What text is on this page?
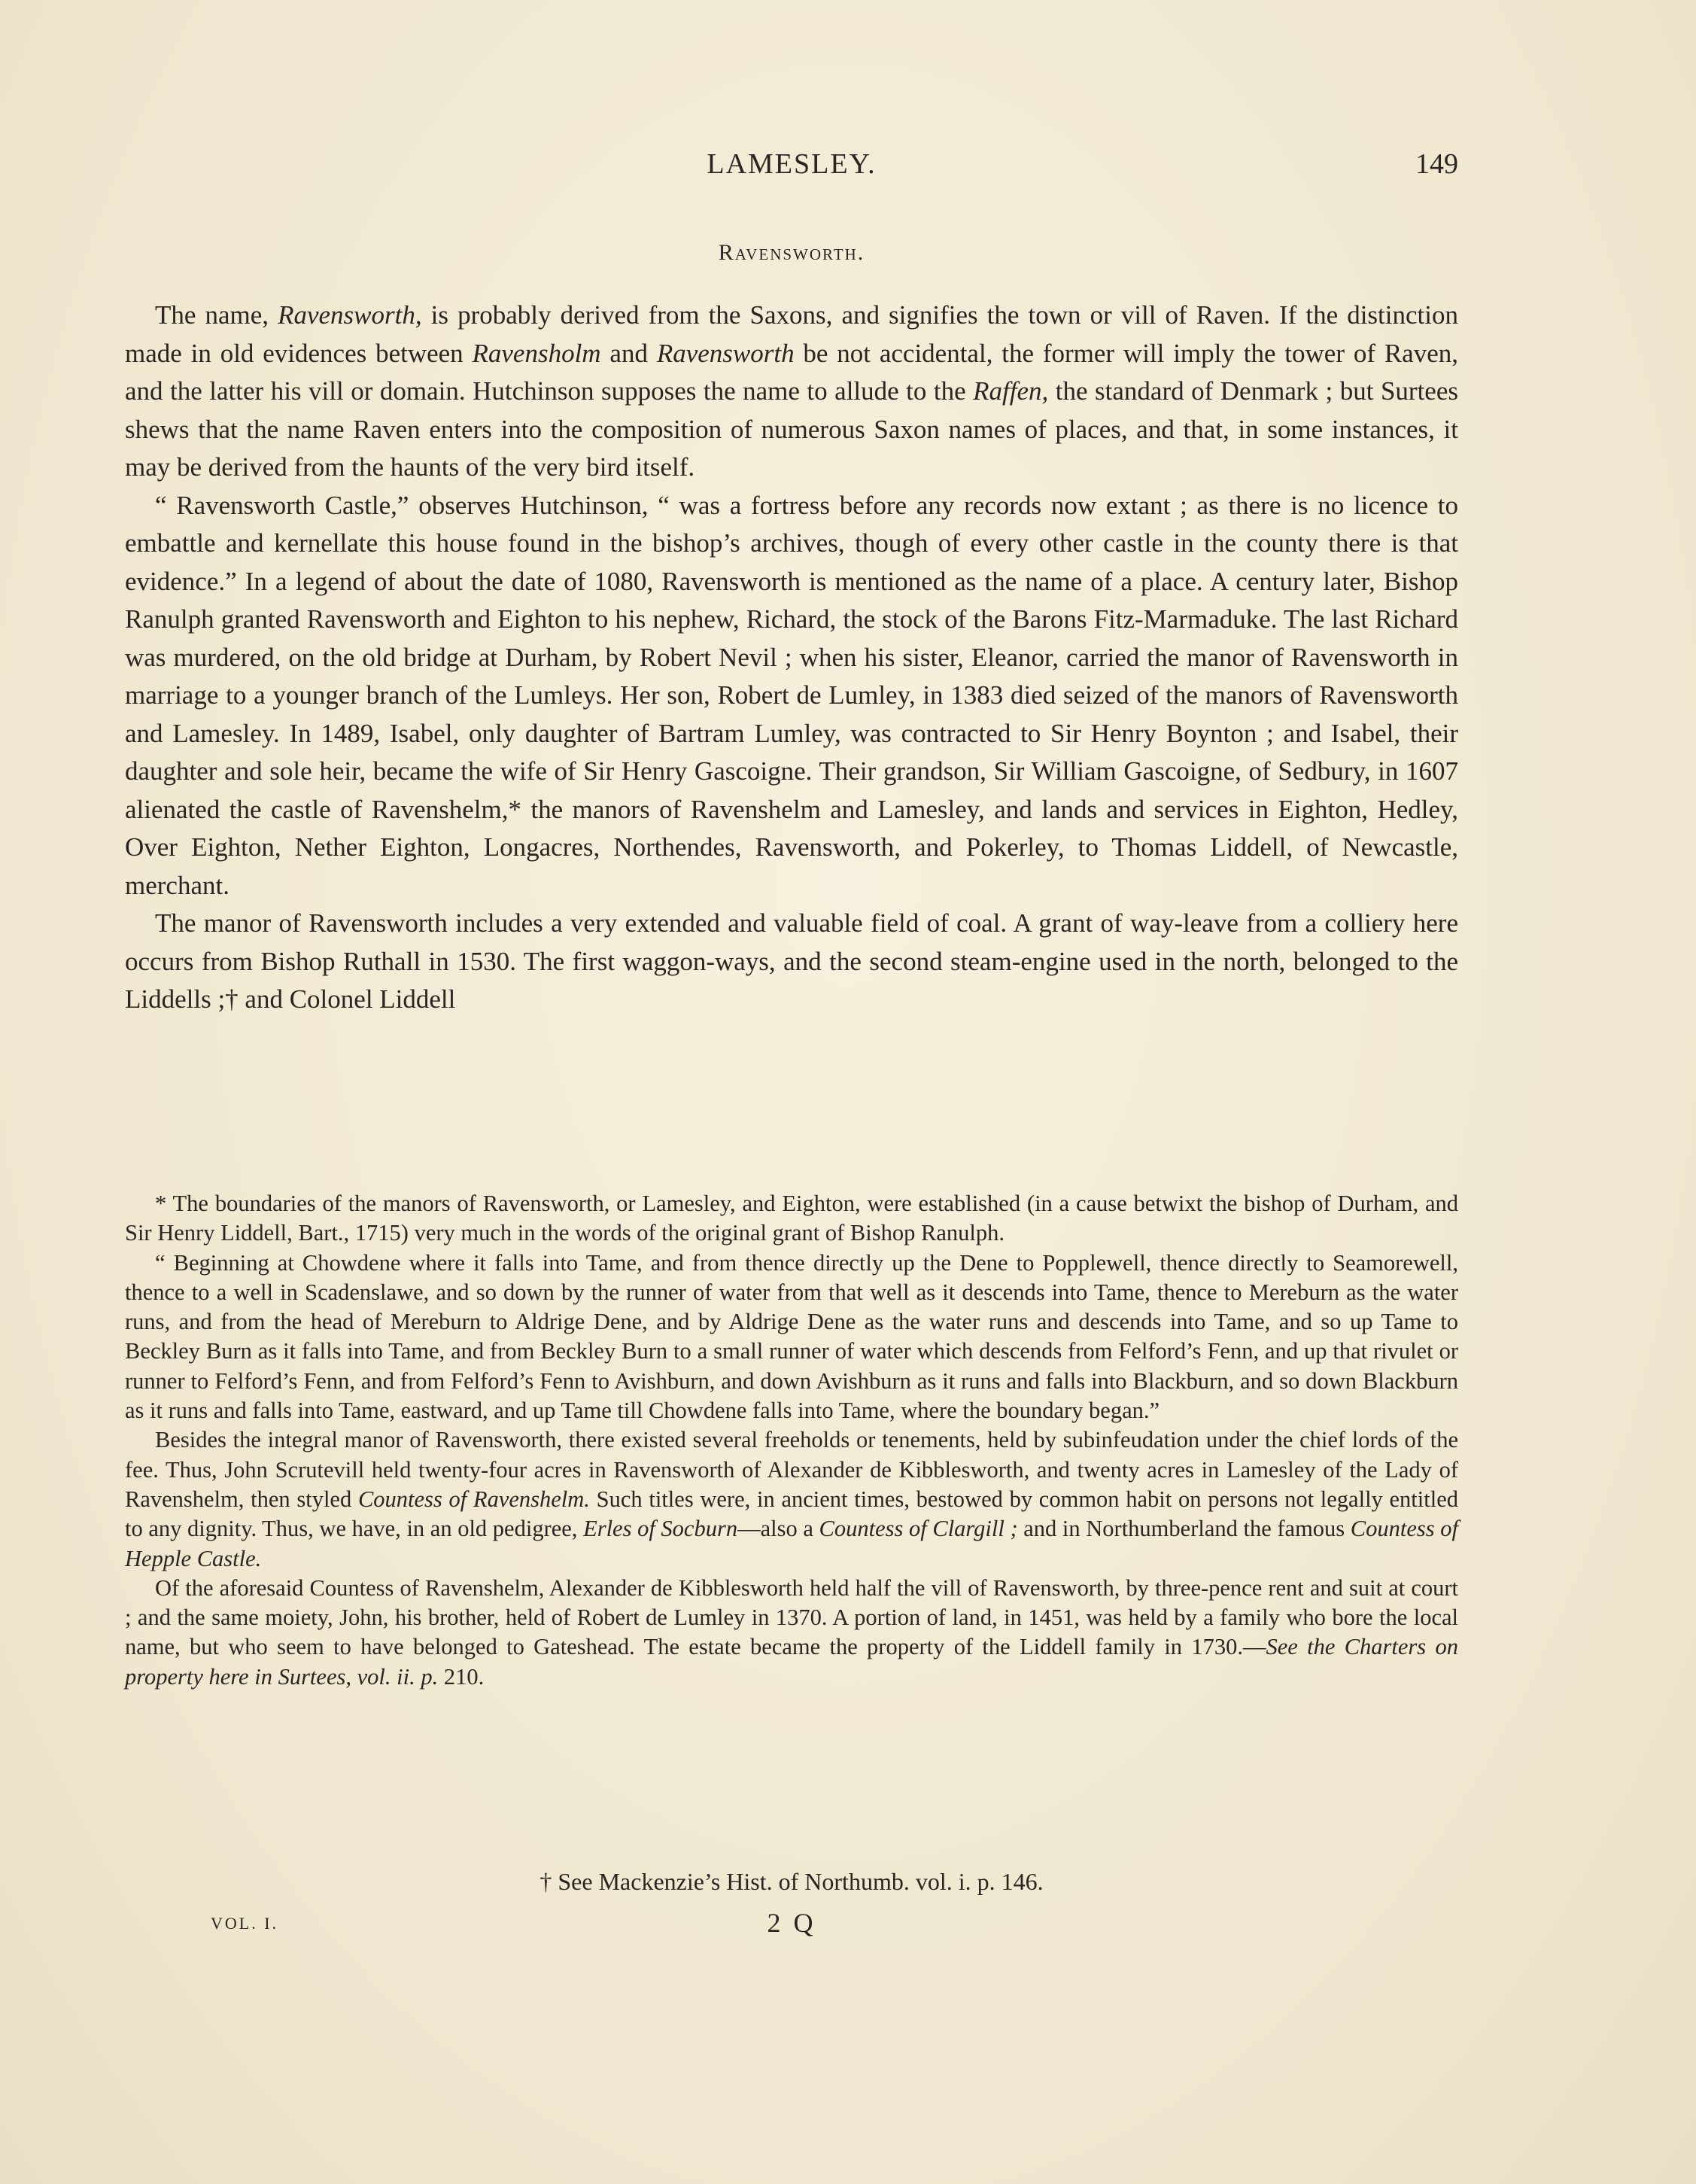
LAMESLEY.	149
Ravensworth.

The name, Ravensworth, is probably derived from the Saxons, and signifies the town or vill of Raven. If the distinction made in old evidences between Ravensholm and Ravensworth be not accidental, the former will imply the tower of Raven, and the latter his vill or domain. Hutchinson supposes the name to allude to the Raffen, the standard of Denmark ; but Surtees shews that the name Raven enters into the composition of numerous Saxon names of places, and that, in some instances, it may be derived from the haunts of the very bird itself.

“ Ravensworth Castle,” observes Hutchinson, “ was a fortress before any records now extant ; as there is no licence to embattle and kernellate this house found in the bishop’s archives, though of every other castle in the county there is that evidence.” In a legend of about the date of 1080, Ravensworth is mentioned as the name of a place. A century later, Bishop Ranulph granted Ravensworth and Eighton to his nephew, Richard, the stock of the Barons Fitz-Marmaduke. The last Richard was murdered, on the old bridge at Durham, by Robert Nevil ; when his sister, Eleanor, carried the manor of Ravensworth in marriage to a younger branch of the Lumleys. Her son, Robert de Lumley, in 1383 died seized of the manors of Ravensworth and Lamesley. In 1489, Isabel, only daughter of Bartram Lumley, was contracted to Sir Henry Boynton ; and Isabel, their daughter and sole heir, became the wife of Sir Henry Gascoigne. Their grandson, Sir William Gascoigne, of Sedbury, in 1607 alienated the castle of Ravenshelm,* the manors of Ravenshelm and Lamesley, and lands and services in Eighton, Hedley, Over Eighton, Nether Eighton, Longacres, Northendes, Ravensworth, and Pokerley, to Thomas Liddell, of Newcastle, merchant.

The manor of Ravensworth includes a very extended and valuable field of coal. A grant of way-leave from a colliery here occurs from Bishop Ruthall in 1530. The first waggon-ways, and the second steam-engine used in the north, belonged to the Liddells ;† and Colonel Liddell

* The boundaries of the manors of Ravensworth, or Lamesley, and Eighton, were established (in a cause betwixt the bishop of Durham, and Sir Henry Liddell, Bart., 1715) very much in the words of the original grant of Bishop Ranulph.

“ Beginning at Chowdene where it falls into Tame, and from thence directly up the Dene to Popplewell, thence directly to Seamorewell, thence to a well in Scadenslawe, and so down by the runner of water from that well as it descends into Tame, thence to Mereburn as the water runs, and from the head of Mereburn to Aldrige Dene, and by Aldrige Dene as the water runs and descends into Tame, and so up Tame to Beckley Burn as it falls into Tame, and from Beckley Burn to a small runner of water which descends from Felford’s Fenn, and up that rivulet or runner to Felford’s Fenn, and from Felford’s Fenn to Avishburn, and down Avishburn as it runs and falls into Blackburn, and so down Blackburn as it runs and falls into Tame, eastward, and up Tame till Chowdene falls into Tame, where the boundary began.”

Besides the integral manor of Ravensworth, there existed several freeholds or tenements, held by subinfeudation under the chief lords of the fee. Thus, John Scrutevill held twenty-four acres in Ravensworth of Alexander de Kibblesworth, and twenty acres in Lamesley of the Lady of Ravenshelm, then styled Countess of Ravenshelm. Such titles were, in ancient times, bestowed by common habit on persons not legally entitled to any dignity. Thus, we have, in an old pedigree, Erles of Socburn—also a Countess of Clargill ; and in Northumberland the famous Countess of Hepple Castle.

Of the aforesaid Countess of Ravenshelm, Alexander de Kibblesworth held half the vill of Ravensworth, by three-pence rent and suit at court ; and the same moiety, John, his brother, held of Robert de Lumley in 1370. A portion of land, in 1451, was held by a family who bore the local name, but who seem to have belonged to Gateshead. The estate became the property of the Liddell family in 1730.—See the Charters on property here in Surtees, vol. ii. p. 210.

† See Mackenzie’s Hist. of Northumb. vol. i. p. 146.
VOL. I.	2 Q
